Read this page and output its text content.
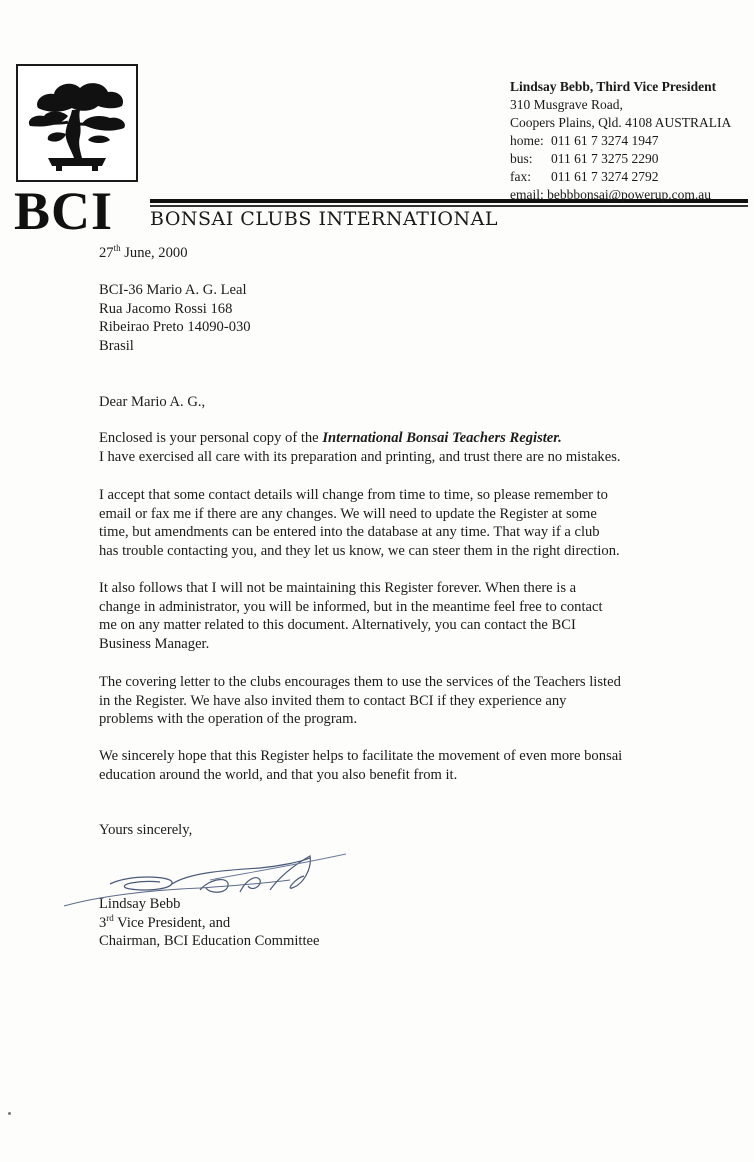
BCI BONSAI CLUBS INTERNATIONAL
Lindsay Bebb, Third Vice President
310 Musgrave Road,
Coopers Plains, Qld. 4108 AUSTRALIA
home: 011 61 7 3274 1947
bus: 011 61 7 3275 2290
fax: 011 61 7 3274 2792
email: bebbbonsai@powerup.com.au
27th June, 2000
BCI-36 Mario A. G. Leal
Rua Jacomo Rossi 168
Ribeirao Preto 14090-030
Brasil
Dear Mario A. G.,
Enclosed is your personal copy of the International Bonsai Teachers Register.
I have exercised all care with its preparation and printing, and trust there are no mistakes.
I accept that some contact details will change from time to time, so please remember to
email or fax me if there are any changes. We will need to update the Register at some
time, but amendments can be entered into the database at any time. That way if a club
has trouble contacting you, and they let us know, we can steer them in the right direction.
It also follows that I will not be maintaining this Register forever. When there is a
change in administrator, you will be informed, but in the meantime feel free to contact
me on any matter related to this document. Alternatively, you can contact the BCI
Business Manager.
The covering letter to the clubs encourages them to use the services of the Teachers listed
in the Register. We have also invited them to contact BCI if they experience any
problems with the operation of the program.
We sincerely hope that this Register helps to facilitate the movement of even more bonsai
education around the world, and that you also benefit from it.
Yours sincerely,
Lindsay Bebb
3rd Vice President, and
Chairman, BCI Education Committee
